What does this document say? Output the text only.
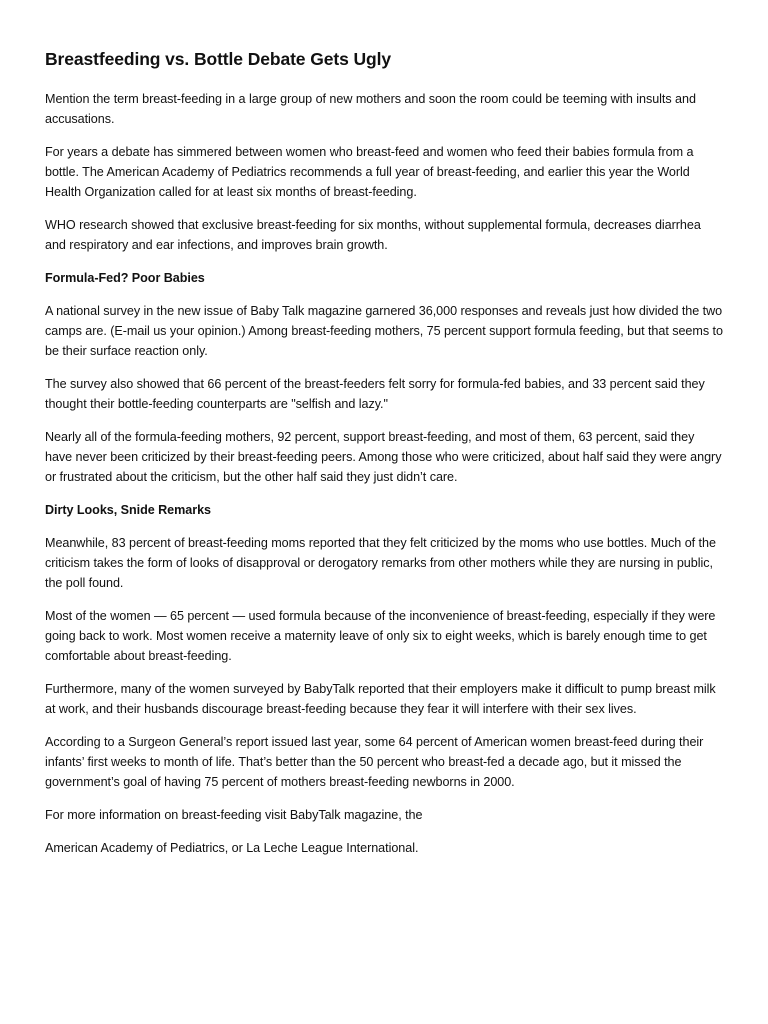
Breastfeeding vs. Bottle Debate Gets Ugly

Mention the term breast-feeding in a large group of new mothers and soon the room could be teeming with insults and accusations.

For years a debate has simmered between women who breast-feed and women who feed their babies formula from a bottle. The American Academy of Pediatrics recommends a full year of breast-feeding, and earlier this year the World Health Organization called for at least six months of breast-feeding.

WHO research showed that exclusive breast-feeding for six months, without supplemental formula, decreases diarrhea and respiratory and ear infections, and improves brain growth.

Formula-Fed? Poor Babies

A national survey in the new issue of Baby Talk magazine garnered 36,000 responses and reveals just how divided the two camps are. (E-mail us your opinion.) Among breast-feeding mothers, 75 percent support formula feeding, but that seems to be their surface reaction only.

The survey also showed that 66 percent of the breast-feeders felt sorry for formula-fed babies, and 33 percent said they thought their bottle-feeding counterparts are "selfish and lazy."

Nearly all of the formula-feeding mothers, 92 percent, support breast-feeding, and most of them, 63 percent, said they have never been criticized by their breast-feeding peers. Among those who were criticized, about half said they were angry or frustrated about the criticism, but the other half said they just didn’t care.

Dirty Looks, Snide Remarks

Meanwhile, 83 percent of breast-feeding moms reported that they felt criticized by the moms who use bottles. Much of the criticism takes the form of looks of disapproval or derogatory remarks from other mothers while they are nursing in public, the poll found.

Most of the women — 65 percent — used formula because of the inconvenience of breast-feeding, especially if they were going back to work. Most women receive a maternity leave of only six to eight weeks, which is barely enough time to get comfortable about breast-feeding.

Furthermore, many of the women surveyed by BabyTalk reported that their employers make it difficult to pump breast milk at work, and their husbands discourage breast-feeding because they fear it will interfere with their sex lives.

According to a Surgeon General’s report issued last year, some 64 percent of American women breast-feed during their infants’ first weeks to month of life. That’s better than the 50 percent who breast-fed a decade ago, but it missed the government’s goal of having 75 percent of mothers breast-feeding newborns in 2000.

For more information on breast-feeding visit BabyTalk magazine, the

American Academy of Pediatrics, or La Leche League International.
